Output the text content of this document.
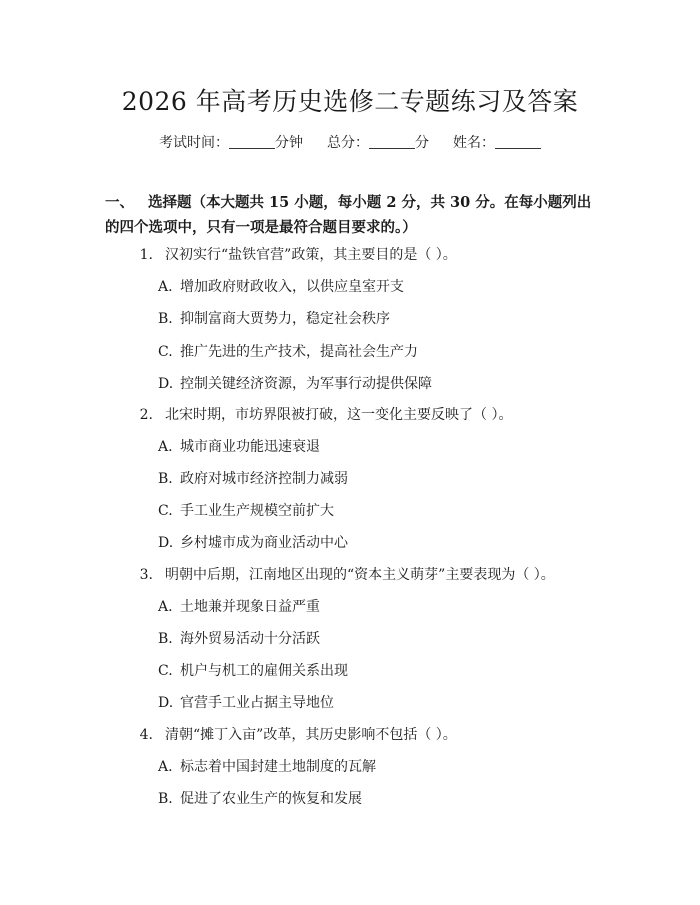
2026 年高考历史选修二专题练习及答案
考试时间：	分钟 总分：	分 姓名：
一、 选择题（本大题共 15 小题，每小题 2 分，共 30 分。在每小题列出的四个选项中，只有一项是最符合题目要求的。）
1. 汉初实行“盐铁官营”政策，其主要目的是（ ）。
A. 增加政府财政收入，以供应皇室开支
B. 抑制富商大贾势力，稳定社会秩序
C. 推广先进的生产技术，提高社会生产力
D. 控制关键经济资源，为军事行动提供保障
2. 北宋时期，市坊界限被打破，这一变化主要反映了（ ）。
A. 城市商业功能迅速衰退
B. 政府对城市经济控制力减弱
C. 手工业生产规模空前扩大
D. 乡村墟市成为商业活动中心
3. 明朝中后期，江南地区出现的“资本主义萌芽”主要表现为（ ）。
A. 土地兼并现象日益严重
B. 海外贸易活动十分活跃
C. 机户与机工的雇佣关系出现
D. 官营手工业占据主导地位
4. 清朝“摊丁入亩”改革，其历史影响不包括（ ）。
A. 标志着中国封建土地制度的瓦解
B. 促进了农业生产的恢复和发展
